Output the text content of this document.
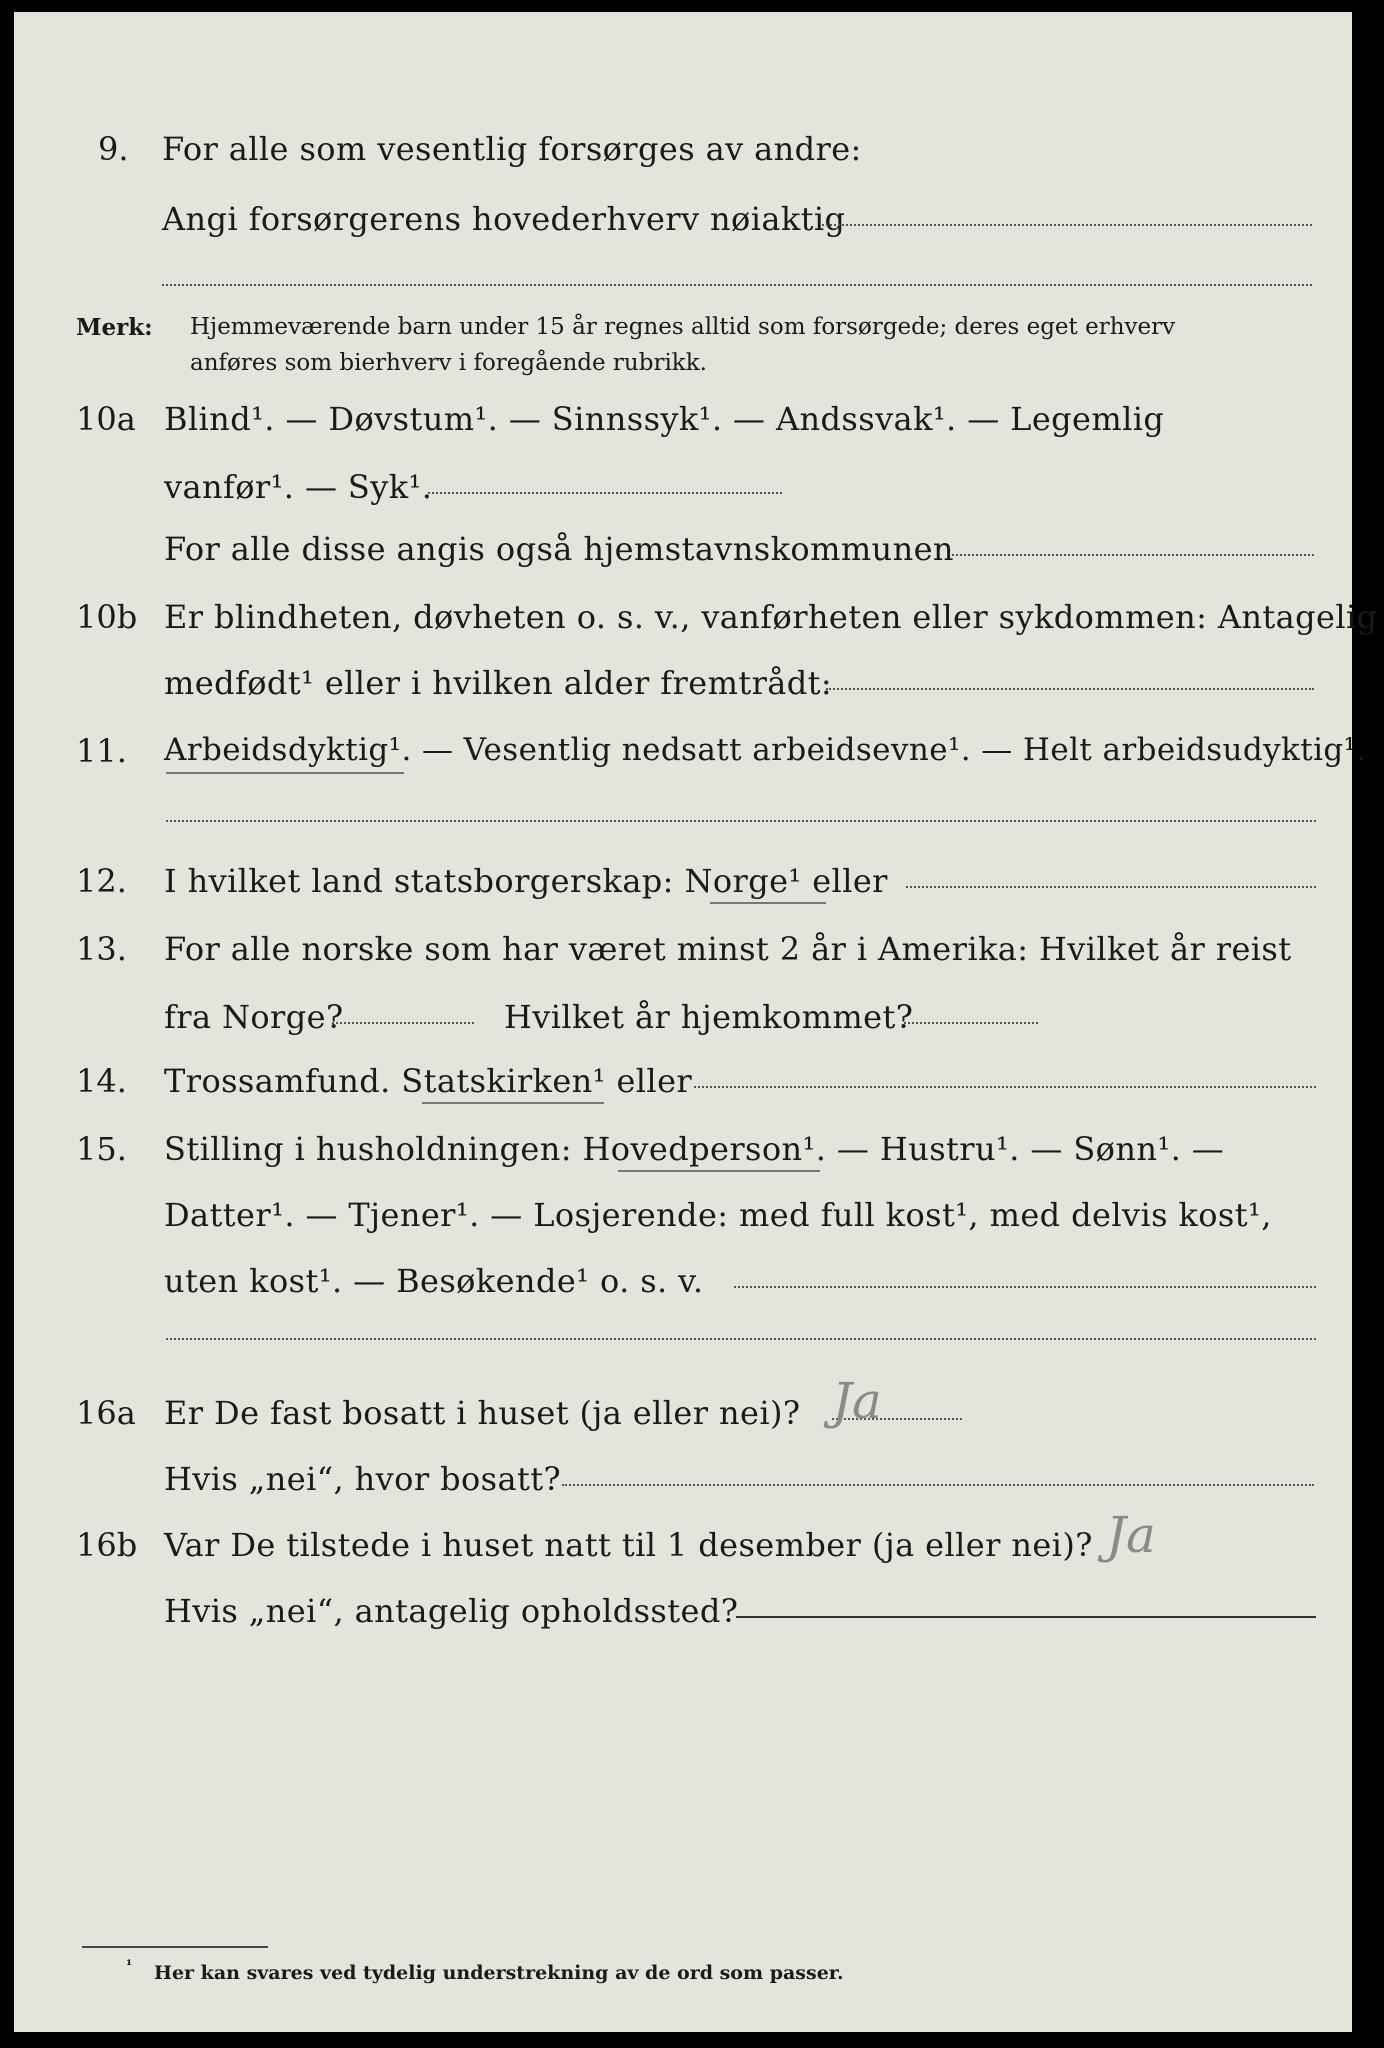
9. For alle som vesentlig forsørges av andre:
Angi forsørgerens hovederhverv nøiaktig
Merk: Hjemmeværende barn under 15 år regnes alltid som forsørgede; deres eget erhverv
anføres som bierhverv i foregående rubrikk.
10a Blind¹. — Døvstum¹. — Sinnssyk¹. — Andssvak¹. — Legemlig
vanfør¹. — Syk¹.
For alle disse angis også hjemstavnskommunen
10b Er blindheten, døvheten o. s. v., vanførheten eller sykdommen: Antagelig
medfødt¹ eller i hvilken alder fremtrådt:
11. Arbeidsdyktig¹. — Vesentlig nedsatt arbeidsevne¹. — Helt arbeidsudyktig¹.
12. I hvilket land statsborgerskap: Norge¹ eller
13. For alle norske som har været minst 2 år i Amerika: Hvilket år reist
fra Norge?	Hvilket år hjemkommet?
14. Trossamfund. Statskirken¹ eller
15. Stilling i husholdningen: Hovedperson¹. — Hustru¹. — Sønn¹. —
Datter¹. — Tjener¹. — Losjerende: med full kost¹, med delvis kost¹,
uten kost¹. — Besøkende¹ o. s. v.
16a Er De fast bosatt i huset (ja eller nei)? Ja
Hvis „nei“, hvor bosatt?
16b Var De tilstede i huset natt til 1 desember (ja eller nei)? Ja
Hvis „nei“, antagelig opholdssted?
¹ Her kan svares ved tydelig understrekning av de ord som passer.
